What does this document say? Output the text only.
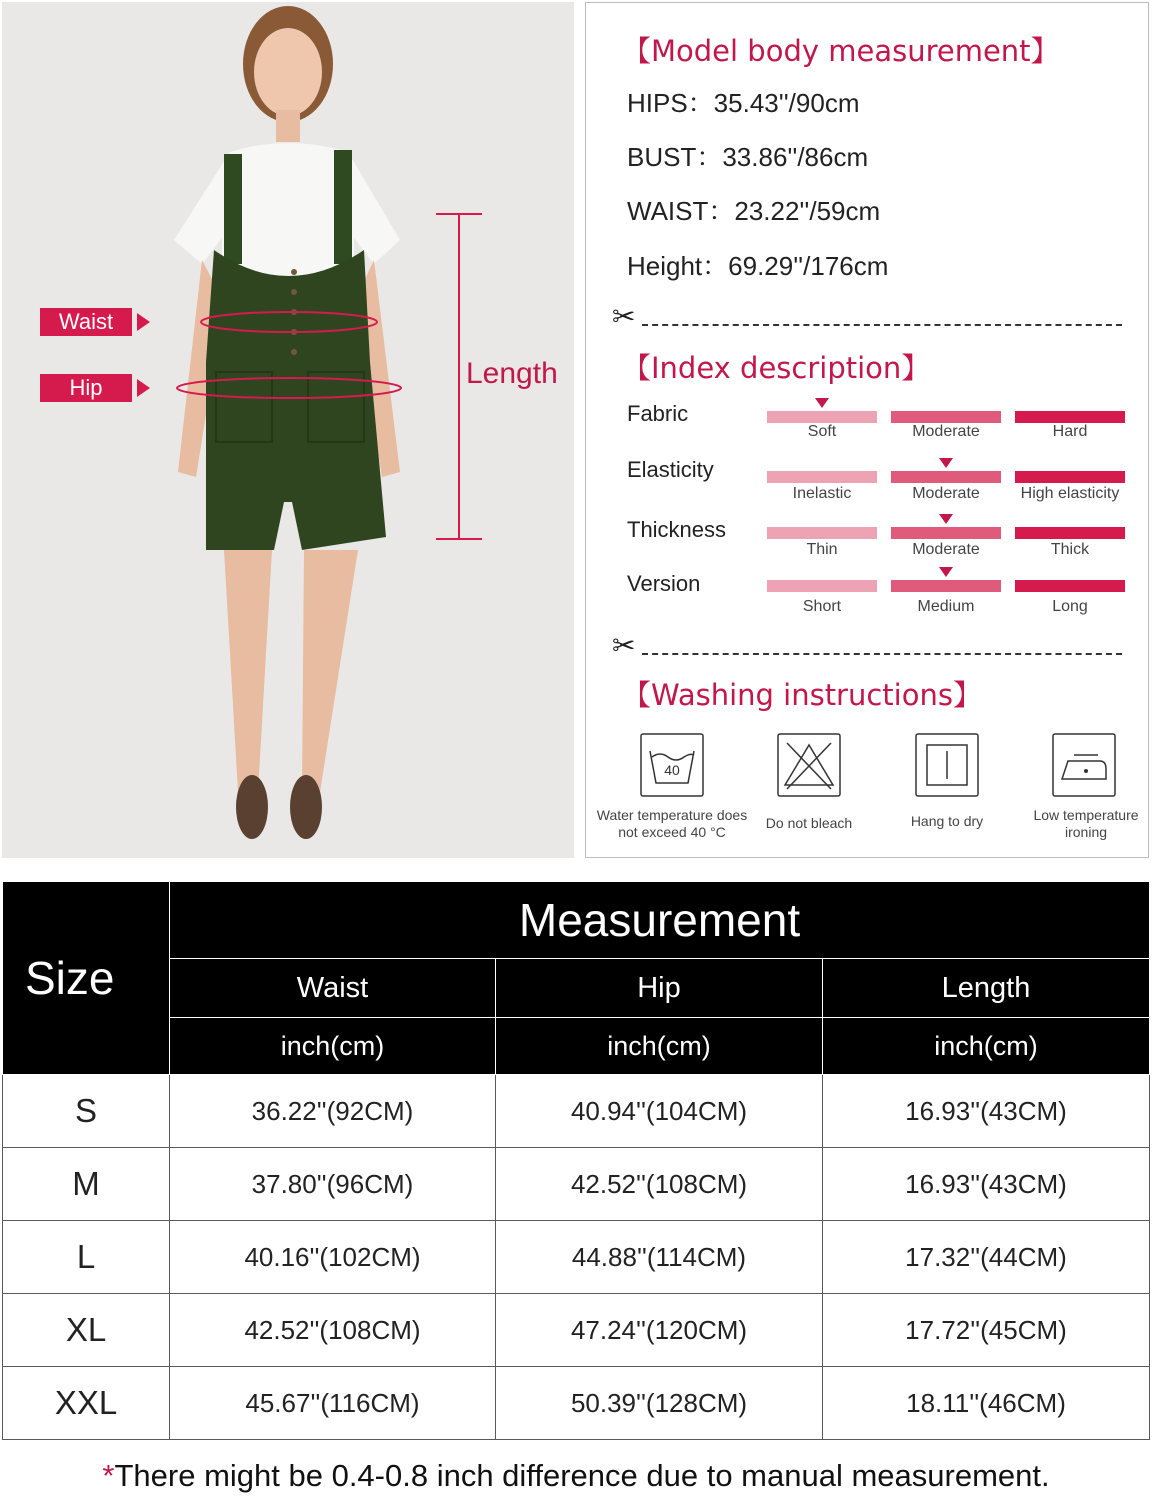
Waist
Hip	Length
【Model body measurement】
HIPS：35.43''/90cm
BUST：33.86''/86cm
WAIST：23.22''/59cm
Height：69.29''/176cm
✂
【Index description】
Fabric
Soft	Moderate	Hard
Elasticity
Inelastic	Moderate	High elasticity
Thickness
Thin	Moderate	Thick
Version
Short	Medium	Long
✂
【Washing instructions】
40
Water temperature does not exceed 40 °C
Do not bleach	Hang to dry	Low temperature ironing
Size	Measurement		
	Waist	Hip	Length
	inch(cm)	inch(cm)	inch(cm)
S	36.22''(92CM)	40.94''(104CM)	16.93''(43CM)
M	37.80''(96CM)	42.52''(108CM)	16.93''(43CM)
L	40.16''(102CM)	44.88''(114CM)	17.32''(44CM)
XL	42.52''(108CM)	47.24''(120CM)	17.72''(45CM)
XXL	45.67''(116CM)	50.39''(128CM)	18.11''(46CM)
*There might be 0.4-0.8 inch difference due to manual measurement.
